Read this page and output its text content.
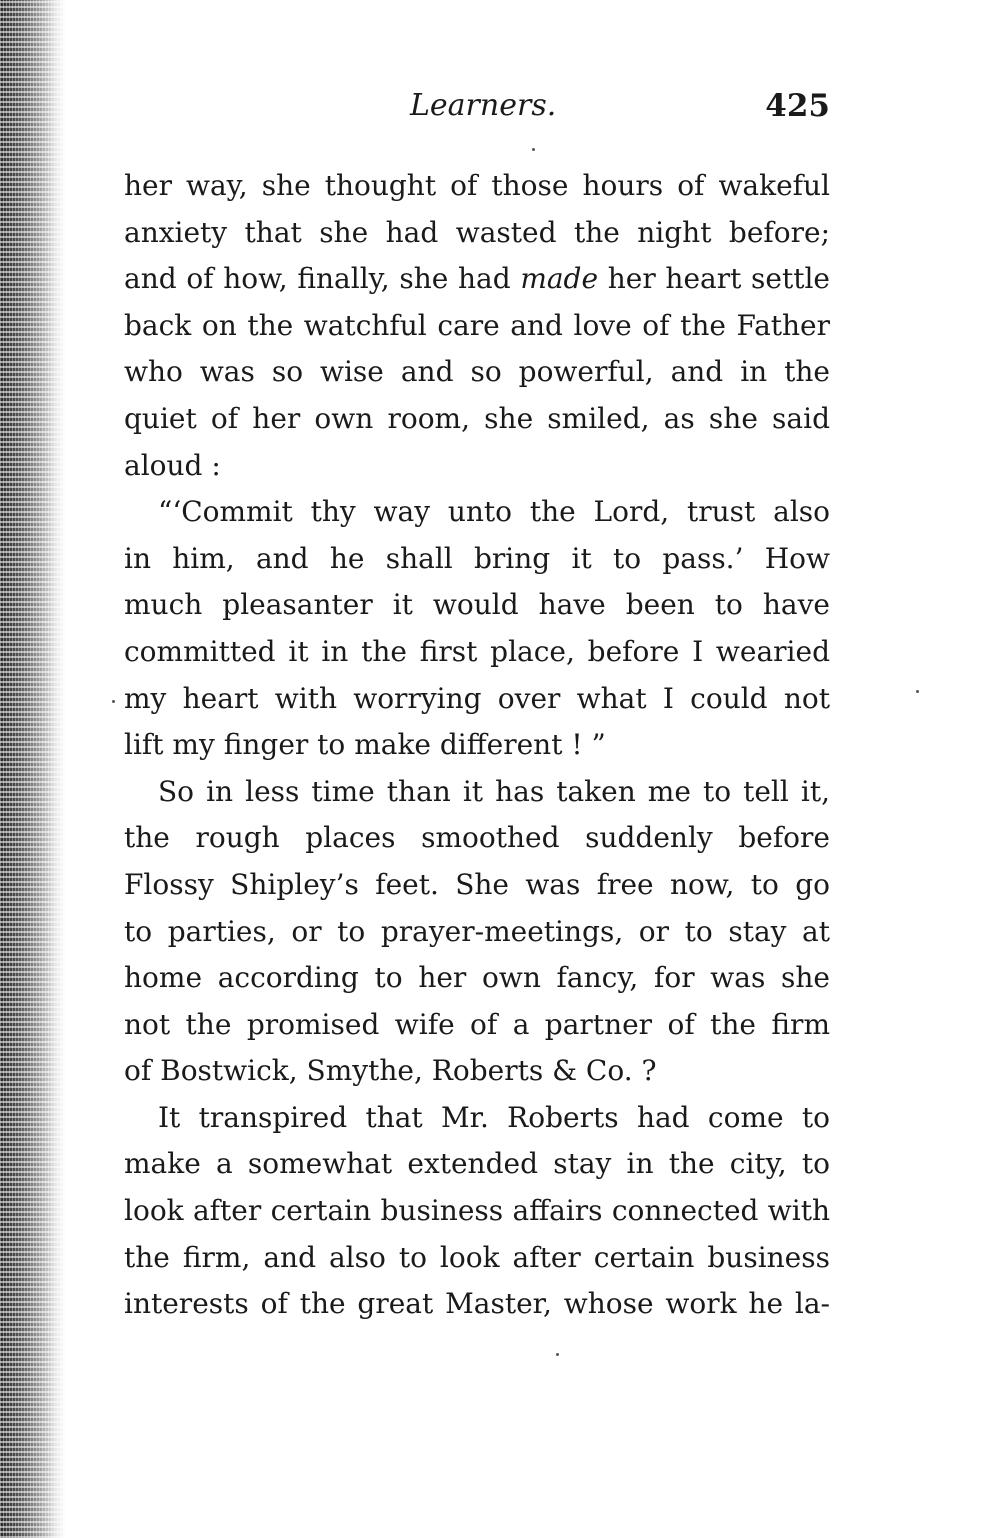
Learners.	425
her way, she thought of those hours of wakeful
anxiety that she had wasted the night before;
and of how, finally, she had made her heart settle
back on the watchful care and love of the Father
who was so wise and so powerful, and in the
quiet of her own room, she smiled, as she said
aloud :
“‘Commit thy way unto the Lord, trust also
in him, and he shall bring it to pass.’ How
much pleasanter it would have been to have
committed it in the first place, before I wearied
my heart with worrying over what I could not
lift my finger to make different ! ”
So in less time than it has taken me to tell it,
the rough places smoothed suddenly before
Flossy Shipley’s feet. She was free now, to go
to parties, or to prayer-meetings, or to stay at
home according to her own fancy, for was she
not the promised wife of a partner of the firm
of Bostwick, Smythe, Roberts & Co. ?
It transpired that Mr. Roberts had come to
make a somewhat extended stay in the city, to
look after certain business affairs connected with
the firm, and also to look after certain business
interests of the great Master, whose work he la-
